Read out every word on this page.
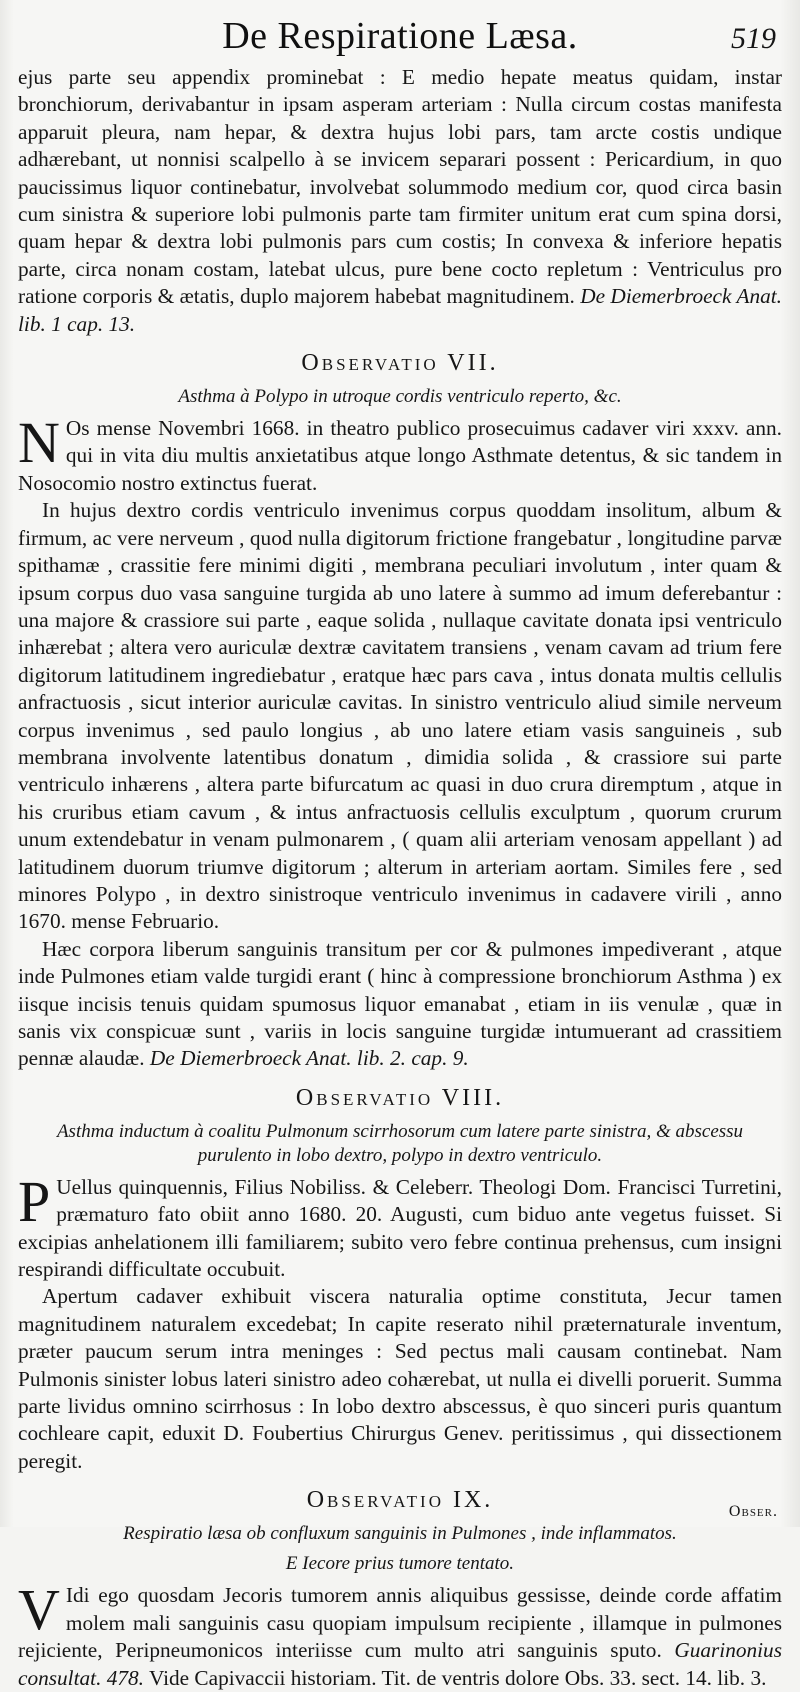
De Respiratione Læsa.	519

ejus parte seu appendix prominebat : E medio hepate meatus quidam, instar bronchiorum, derivabantur in ipsam asperam arteriam : Nulla circum costas manifesta apparuit pleura, nam hepar, & dextra hujus lobi pars, tam arcte costis undique adhærebant, ut nonnisi scalpello à se invicem separari possent : Pericardium, in quo paucissimus liquor continebatur, involvebat solummodo medium cor, quod circa basin cum sinistra & superiore lobi pulmonis parte tam firmiter unitum erat cum spina dorsi, quam hepar & dextra lobi pulmonis pars cum costis; In convexa & inferiore hepatis parte, circa nonam costam, latebat ulcus, pure bene cocto repletum : Ventriculus pro ratione corporis & ætatis, duplo majorem habebat magnitudinem. De Diemerbroeck Anat. lib. 1 cap. 13.

Observatio VII.
Asthma à Polypo in utroque cordis ventriculo reperto, &c.

N Os mense Novembri 1668. in theatro publico prosecuimus cadaver viri xxxv. ann. qui in vita diu multis anxietatibus atque longo Asthmate detentus, & sic tandem in Nosocomio nostro extinctus fuerat.

In hujus dextro cordis ventriculo invenimus corpus quoddam insolitum, album & firmum, ac vere nerveum , quod nulla digitorum frictione frangebatur , longitudine parvæ spithamæ , crassitie fere minimi digiti , membrana peculiari involutum , inter quam & ipsum corpus duo vasa sanguine turgida ab uno latere à summo ad imum deferebantur : una majore & crassiore sui parte , eaque solida , nullaque cavitate donata ipsi ventriculo inhærebat ; altera vero auriculæ dextræ cavitatem transiens , venam cavam ad trium fere digitorum latitudinem ingrediebatur , eratque hæc pars cava , intus donata multis cellulis anfractuosis , sicut interior auriculæ cavitas. In sinistro ventriculo aliud simile nerveum corpus invenimus , sed paulo longius , ab uno latere etiam vasis sanguineis , sub membrana involvente latentibus donatum , dimidia solida , & crassiore sui parte ventriculo inhærens , altera parte bifurcatum ac quasi in duo crura diremptum , atque in his cruribus etiam cavum , & intus anfractuosis cellulis exculptum , quorum crurum unum extendebatur in venam pulmonarem , ( quam alii arteriam venosam appellant ) ad latitudinem duorum triumve digitorum ; alterum in arteriam aortam. Similes fere , sed minores Polypo , in dextro sinistroque ventriculo invenimus in cadavere virili , anno 1670. mense Februario.

Hæc corpora liberum sanguinis transitum per cor & pulmones impediverant , atque inde Pulmones etiam valde turgidi erant ( hinc à compressione bronchiorum Asthma ) ex iisque incisis tenuis quidam spumosus liquor emanabat , etiam in iis venulæ , quæ in sanis vix conspicuæ sunt , variis in locis sanguine turgidæ intumuerant ad crassitiem pennæ alaudæ. De Diemerbroeck Anat. lib. 2. cap. 9.

Observatio VIII.
Asthma inductum à coalitu Pulmonum scirrhosorum cum latere parte sinistra, & abscessu purulento in lobo dextro, polypo in dextro ventriculo.

P Uellus quinquennis, Filius Nobiliss. & Celeberr. Theologi Dom. Francisci Turretini, præmaturo fato obiit anno 1680. 20. Augusti, cum biduo ante vegetus fuisset. Si excipias anhelationem illi familiarem; subito vero febre continua prehensus, cum insigni respirandi difficultate occubuit.

Apertum cadaver exhibuit viscera naturalia optime constituta, Jecur tamen magnitudinem naturalem excedebat; In capite reserato nihil præternaturale inventum, præter paucum serum intra meninges : Sed pectus mali causam continebat. Nam Pulmonis sinister lobus lateri sinistro adeo cohærebat, ut nulla ei divelli poruerit. Summa parte lividus omnino scirrhosus : In lobo dextro abscessus, è quo sinceri puris quantum cochleare capit, eduxit D. Foubertius Chirurgus Genev. peritissimus , qui dissectionem peregit.

Observatio IX.
Respiratio læsa ob confluxum sanguinis in Pulmones , inde inflammatos.
E Iecore prius tumore tentato.

V Idi ego quosdam Jecoris tumorem annis aliquibus gessisse, deinde corde affatim molem mali sanguinis casu quopiam impulsum recipiente , illamque in pulmones rejiciente, Peripneumonicos interiisse cum multo atri sanguinis sputo. Guarinonius consultat. 478. Vide Capivaccii historiam. Tit. de ventris dolore Obs. 33. sect. 14. lib. 3.

Obser.
